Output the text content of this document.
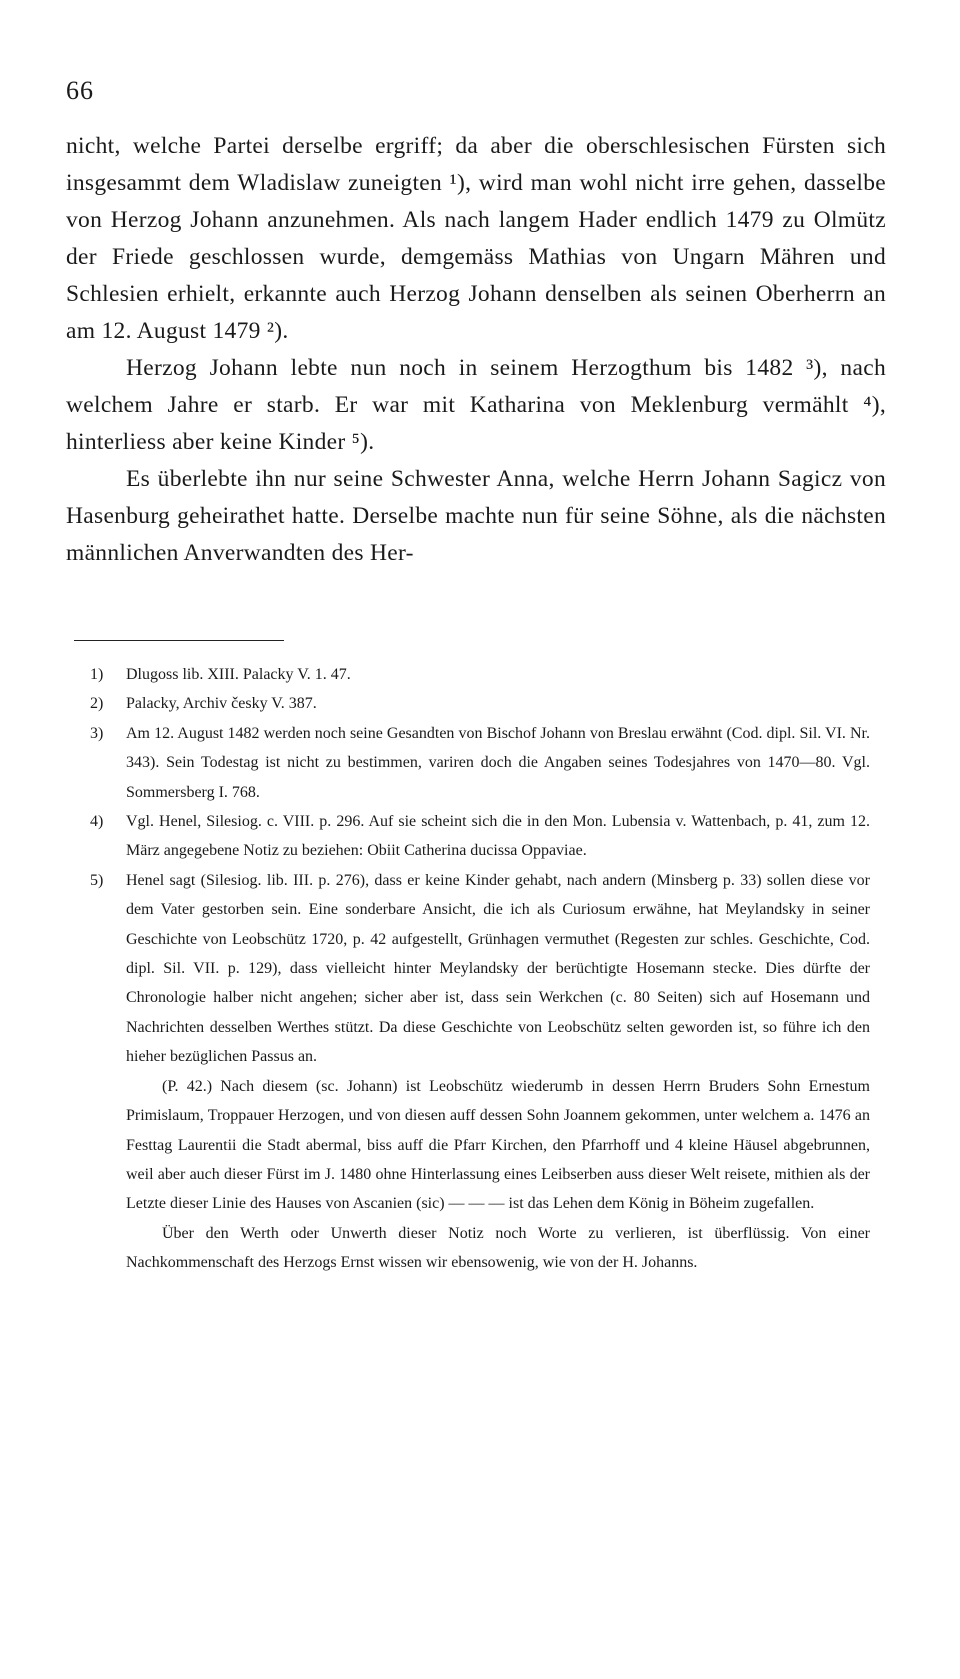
66

nicht, welche Partei derselbe ergriff; da aber die oberschlesischen Fürsten sich insgesammt dem Wladislaw zuneigten ¹), wird man wohl nicht irre gehen, dasselbe von Herzog Johann anzunehmen. Als nach langem Hader endlich 1479 zu Olmütz der Friede geschlossen wurde, demgemäss Mathias von Ungarn Mähren und Schlesien erhielt, erkannte auch Herzog Johann denselben als seinen Oberherrn an am 12. August 1479 ²).

Herzog Johann lebte nun noch in seinem Herzogthum bis 1482 ³), nach welchem Jahre er starb. Er war mit Katharina von Meklenburg vermählt ⁴), hinterliess aber keine Kinder ⁵).

Es überlebte ihn nur seine Schwester Anna, welche Herrn Johann Sagicz von Hasenburg geheirathet hatte. Derselbe machte nun für seine Söhne, als die nächsten männlichen Anverwandten des Her-

1) Dlugoss lib. XIII. Palacky V. 1. 47.
2) Palacky, Archiv česky V. 387.
3) Am 12. August 1482 werden noch seine Gesandten von Bischof Johann von Breslau erwähnt (Cod. dipl. Sil. VI. Nr. 343). Sein Todestag ist nicht zu bestimmen, variren doch die Angaben seines Todesjahres von 1470—80. Vgl. Sommersberg I. 768.
4) Vgl. Henel, Silesiog. c. VIII. p. 296. Auf sie scheint sich die in den Mon. Lubensia v. Wattenbach, p. 41, zum 12. März angegebene Notiz zu beziehen: Obiit Catherina ducissa Oppaviae.
5) Henel sagt (Silesiog. lib. III. p. 276), dass er keine Kinder gehabt, nach andern (Minsberg p. 33) sollen diese vor dem Vater gestorben sein. Eine sonderbare Ansicht, die ich als Curiosum erwähne, hat Meylandsky in seiner Geschichte von Leobschütz 1720, p. 42 aufgestellt, Grünhagen vermuthet (Regesten zur schles. Geschichte, Cod. dipl. Sil. VII. p. 129), dass vielleicht hinter Meylandsky der berüchtigte Hosemann stecke. Dies dürfte der Chronologie halber nicht angehen; sicher aber ist, dass sein Werkchen (c. 80 Seiten) sich auf Hosemann und Nachrichten desselben Werthes stützt. Da diese Geschichte von Leobschütz selten geworden ist, so führe ich den hieher bezüglichen Passus an.
(P. 42.) Nach diesem (sc. Johann) ist Leobschütz wiederumb in dessen Herrn Bruders Sohn Ernestum Primislaum, Troppauer Herzogen, und von diesen auff dessen Sohn Joannem gekommen, unter welchem a. 1476 an Festtag Laurentii die Stadt abermal, biss auff die Pfarr Kirchen, den Pfarrhoff und 4 kleine Häusel abgebrunnen, weil aber auch dieser Fürst im J. 1480 ohne Hinterlassung eines Leibserben auss dieser Welt reisete, mithien als der Letzte dieser Linie des Hauses von Ascanien (sic) — — — ist das Lehen dem König in Böheim zugefallen.
Über den Werth oder Unwerth dieser Notiz noch Worte zu verlieren, ist überflüssig. Von einer Nachkommenschaft des Herzogs Ernst wissen wir ebensowenig, wie von der H. Johanns.
